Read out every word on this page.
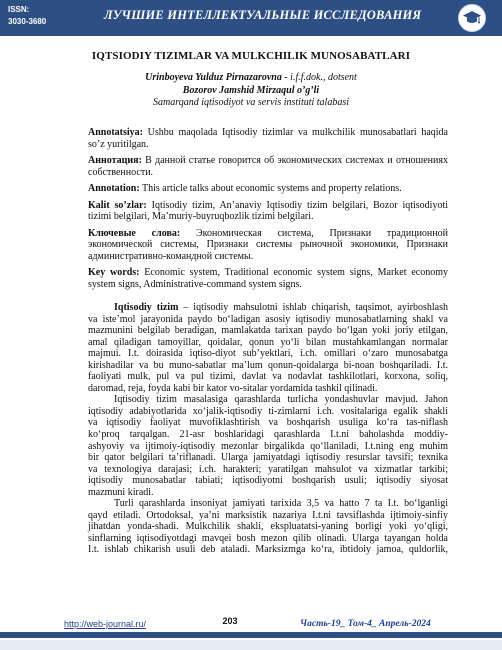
ISSN:
3030-3680	ЛУЧШИЕ ИНТЕЛЛЕКТУАЛЬНЫЕ ИССЛЕДОВАНИЯ
IQTSIODIY TIZIMLAR VA MULKCHILIK MUNOSABATLARI
Urinboyeva Yulduz Pirnazarovna - i.f.f.dok., dotsent
Bozorov Jamshid Mirzaqul o’g’li
Samarqand iqtisodiyot va servis instituti talabasi

Annotatsiya: Ushbu maqolada Iqtisodiy tizimlar va mulkchilik munosabatlari haqida so’z yuritilgan.

Аннотация: В данной статье говорится об экономических системах и отношениях собственности.

Annotation: This article talks about economic systems and property relations.

Kalit so’zlar: Iqtisodiy tizim, An’anaviy Iqtisodiy tizim belgilari, Bozor iqtisodiyoti tizimi belgilari, Ma’muriy-buyruqbozlik tizimi belgilari.

Ключевые слова: Экономическая система, Признаки традиционной экономической системы, Признаки системы рыночной экономики, Признаки административно-командной системы.

Key words: Economic system, Traditional economic system signs, Market economy system signs, Administrative-command system signs.

Iqtisodiy tizim – iqtisodiy mahsulotni ishlab chiqarish, taqsimot, ayirboshlash
va iste’mol jarayonida paydo bo‘ladigan asosiy iqtisodiy munosabatlarning shakl va
mazmunini belgilab beradigan, mamlakatda tarixan paydo bo‘lgan yoki joriy etilgan,
amal qiladigan tamoyillar, qoidalar, qonun yo‘li bilan mustahkamlangan normalar
majmui. I.t. doirasida iqtiso-diyot sub’yektlari, i.ch. omillari o‘zaro munosabatga
kirishadilar va bu muno-sabatlar ma’lum qonun-qoidalarga bi-noan boshqariladi. I.t.
faoliyati mulk, pul va pul tizimi, davlat va nodavlat tashkilotlari, korxona, soliq,
daromad, reja, foyda kabi bir kator vo-sitalar yordamida tashkil qilinadi.

Iqtisodiy tizim masalasiga qarashlarda turlicha yondashuvlar mavjud. Jahon
iqtisodiy adabiyotlarida xo‘jalik-iqtisodiy ti-zimlarni i.ch. vositalariga egalik shakli
va iqtisodiy faoliyat muvofiklashtirish va boshqarish usuliga ko‘ra tas-niflash
ko‘proq tarqalgan. 21-asr boshlaridagi qarashlarda I.t.ni baholashda moddiy-
ashyoviy va ijtimoiy-iqtisodiy mezonlar birgalikda qo‘llaniladi, I.t.ning eng muhim
bir qator belgilari ta’riflanadi. Ularga jamiyatdagi iqtisodiy resurslar tavsifi; texnika
va texnologiya darajasi; i.ch. harakteri; yaratilgan mahsulot va xizmatlar tarkibi;
iqtisodiy munosabatlar tabiati; iqtisodiyotni boshqarish usuli; iqtisodiy siyosat
mazmuni kiradi.

Turli qarashlarda insoniyat jamiyati tarixida 3,5 va hatto 7 ta I.t. bo‘lganligi
qayd etiladi. Ortodoksal, ya’ni marksistik nazariya I.t.ni tavsiflashda ijtimoiy-sinfiy
jihatdan yonda-shadi. Mulkchilik shakli, ekspluatatsi-yaning borligi yoki yo‘qligi,
sinflarning iqtisodiyotdagi mavqei bosh mezon qilib olinadi. Ularga tayangan holda
I.t. ishlab chikarish usuli deb ataladi. Marksizmga ko‘ra, ibtidoiy jamoa, quldorlik,

http://web-journal.ru/	203	Часть-19_ Том-4_ Апрель-2024
